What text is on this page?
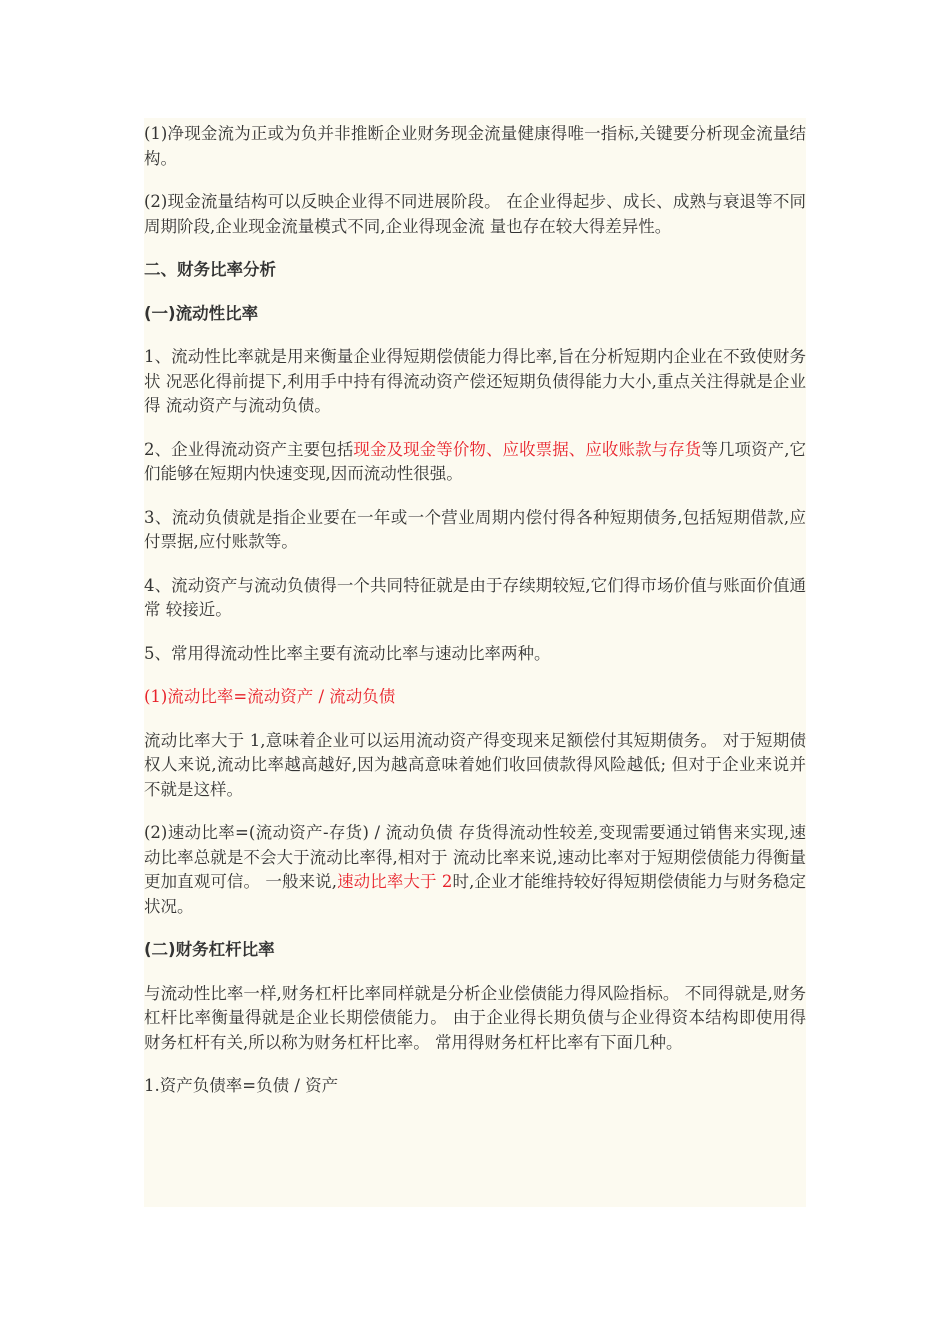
(1)净现金流为正或为负并非推断企业财务现金流量健康得唯一指标,关键要分析现金流量结构。

(2)现金流量结构可以反映企业得不同进展阶段。 在企业得起步、成长、成熟与衰退等不同周期阶段,企业现金流量模式不同,企业得现金流 量也存在较大得差异性。

二、财务比率分析

(一)流动性比率

1、流动性比率就是用来衡量企业得短期偿债能力得比率,旨在分析短期内企业在不致使财务状 况恶化得前提下,利用手中持有得流动资产偿还短期负债得能力大小,重点关注得就是企业得 流动资产与流动负债。

2、企业得流动资产主要包括现金及现金等价物、应收票据、应收账款与存货等几项资产,它们能够在短期内快速变现,因而流动性很强。

3、流动负债就是指企业要在一年或一个营业周期内偿付得各种短期债务,包括短期借款,应付票据,应付账款等。

4、流动资产与流动负债得一个共同特征就是由于存续期较短,它们得市场价值与账面价值通常 较接近。

5、常用得流动性比率主要有流动比率与速动比率两种。

(1)流动比率=流动资产 / 流动负债

流动比率大于 1,意味着企业可以运用流动资产得变现来足额偿付其短期债务。 对于短期债权人来说,流动比率越高越好,因为越高意味着她们收回债款得风险越低; 但对于企业来说并不就是这样。

(2)速动比率=(流动资产-存货) / 流动负债 存货得流动性较差,变现需要通过销售来实现,速动比率总就是不会大于流动比率得,相对于 流动比率来说,速动比率对于短期偿债能力得衡量更加直观可信。 一般来说,速动比率大于 2时,企业才能维持较好得短期偿债能力与财务稳定状况。

(二)财务杠杆比率

与流动性比率一样,财务杠杆比率同样就是分析企业偿债能力得风险指标。 不同得就是,财务杠杆比率衡量得就是企业长期偿债能力。 由于企业得长期负债与企业得资本结构即使用得财务杠杆有关,所以称为财务杠杆比率。 常用得财务杠杆比率有下面几种。

1.资产负债率=负债 / 资产
